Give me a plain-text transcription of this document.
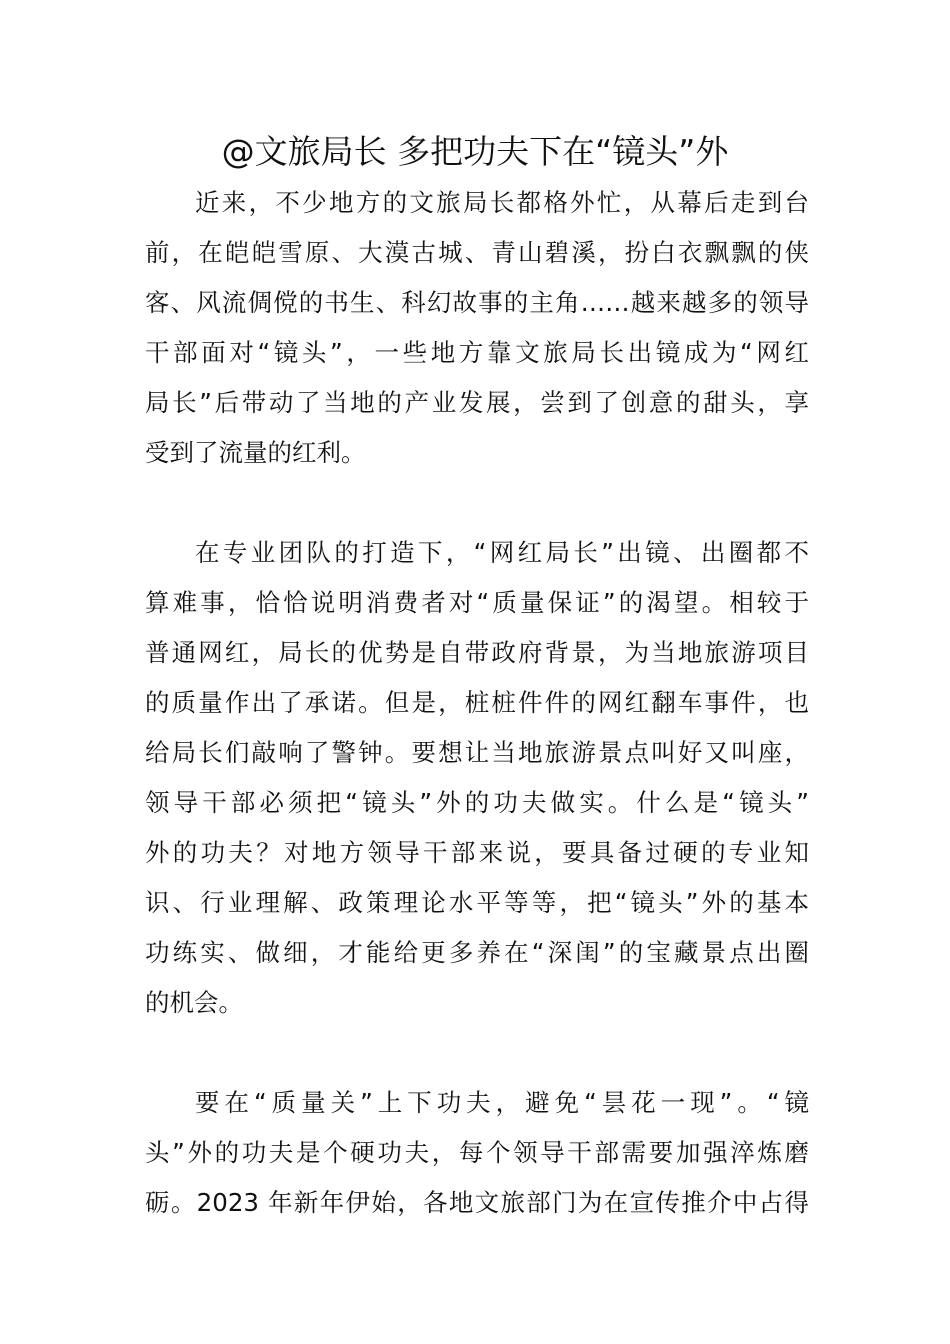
@文旅局长 多把功夫下在“镜头”外

近来，不少地方的文旅局长都格外忙，从幕后走到台
前，在皑皑雪原、大漠古城、青山碧溪，扮白衣飘飘的侠
客、风流倜傥的书生、科幻故事的主角……越来越多的领导
干部面对“镜头”，一些地方靠文旅局长出镜成为“网红
局长”后带动了当地的产业发展，尝到了创意的甜头，享
受到了流量的红利。

在专业团队的打造下，“网红局长”出镜、出圈都不
算难事，恰恰说明消费者对“质量保证”的渴望。相较于
普通网红，局长的优势是自带政府背景，为当地旅游项目
的质量作出了承诺。但是，桩桩件件的网红翻车事件，也
给局长们敲响了警钟。要想让当地旅游景点叫好又叫座，
领导干部必须把“镜头”外的功夫做实。什么是“镜头”
外的功夫？对地方领导干部来说，要具备过硬的专业知
识、行业理解、政策理论水平等等，把“镜头”外的基本
功练实、做细，才能给更多养在“深闺”的宝藏景点出圈
的机会。

要在“质量关”上下功夫，避免“昙花一现”。“镜
头”外的功夫是个硬功夫，每个领导干部需要加强淬炼磨
砺。2023 年新年伊始，各地文旅部门为在宣传推介中占得
